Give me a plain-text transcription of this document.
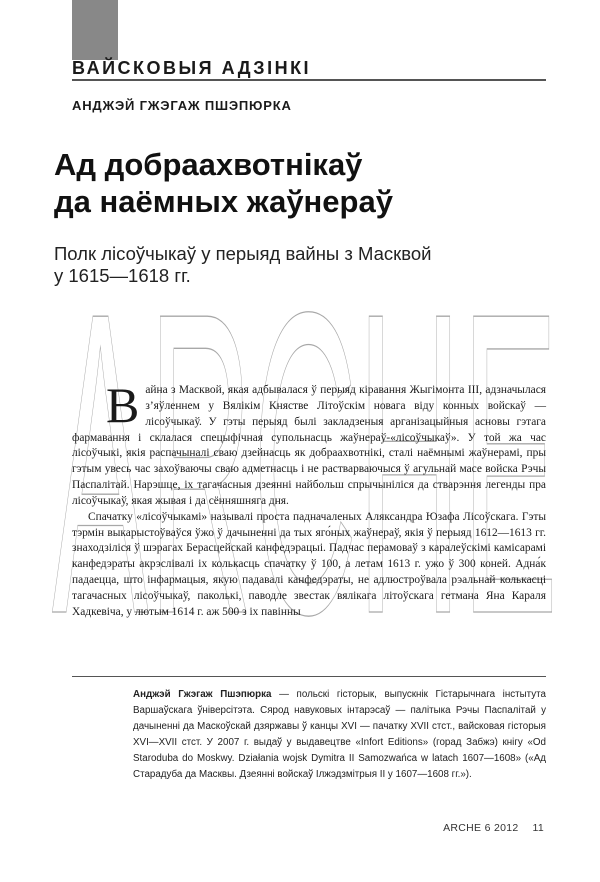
ВАЙСКОВЫЯ АДЗІНКІ
АНДЖЭЙ ГЖЭГАЖ ПШЭПЮРКА
ARCHE
Ад добраахвотнікаў
да наёмных жаўнераў
Полк лісоўчыкаў у перыяд вайны з Масквой
у 1615—1618 гг.

Вайна з Масквой, якая адбывалася ў перыяд кіравання Жыгімонта III, адзначылася з’яўленнем у Вялікім Княстве Літоўскім новага віду конных войскаў — лісоўчыкаў. У гэты перыяд былі закладзеныя арганізацыйныя асновы гэтага фармавання і склалася спецыфічная супольнасць жаўнераў-«лісоўчыкаў». У той жа час лісоўчыкі, якія распачыналі сваю дзейнасць як добраахвотнікі, сталі наёмнымі жаўнерамі, пры гэтым увесь час захоўваючы сваю адметнасць і не растварваючыся ў агульнай масе войска Рэчы Паспалітай. Нарэшце, іх тагачасныя дзеянні найбольш спрычыніліся да стварэння легенды пра лісоўчыкаў, якая жывая і да сённяшняга дня.

Спачатку «лісоўчыкамі» называлі проста падначаленых Аляксандра Юзафа Лісоўскага. Гэты тэрмін выкарыстоўваўся ўжо ў дачыненні да тых яго́ных жаўнераў, якія ў перыяд 1612—1613 гг. знаходзіліся ў шэрагах Берасцейскай канфедэрацыі. Падчас перамоваў з каралеўскімі камісарамі канфедэраты акрэслівалі іх колькасць спачатку ў 100, а летам 1613 г. ужо ў 300 коней. Адна́к падаецца, што інфармацыя, якую падавалі канфедэраты, не адлюстроўвала рэальнай колькасці тагачасных лісоўчыкаў, паколькі, паводле звестак вялікага літоўскага гетмана Яна Караля Хадкевіча, у лютым 1614 г. аж 500 з іх павінны

Анджэй Гжэгаж Пшэпюрка — польскі гісторык, выпускнік Гістарычнага інстытута Варшаўскага ўніверсітэта. Сярод навуковых інтарэсаў — палітыка Рэчы Паспалітай у дачыненні да Маскоўскай дзяржавы ў канцы XVI — пачатку XVII стст., вайсковая гісторыя XVI—XVII стст. У 2007 г. выдаў у выдавецтве «Infort Editions» (горад Забжэ) кнігу «Od Staroduba do Moskwy. Działania wojsk Dymitra II Samozwańca w latach 1607—1608» («Ад Старадуба да Масквы. Дзеянні войскаў Ілжэдзмітрыя II у 1607—1608 гг.»).
ARCHE 6 2012 11
